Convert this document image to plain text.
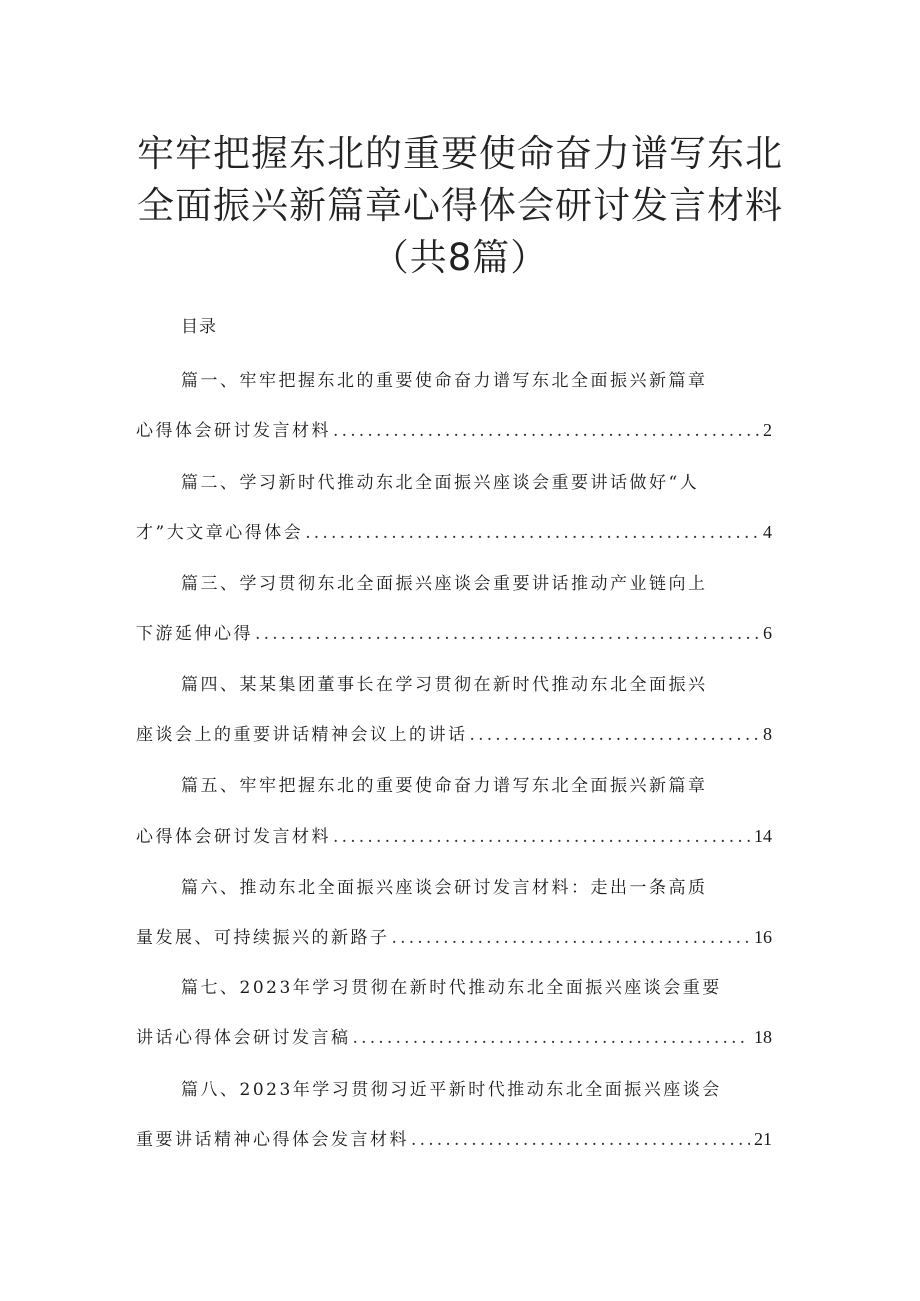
牢牢把握东北的重要使命奋力谱写东北全面振兴新篇章心得体会研讨发言材料（共8篇）
目录
篇一、牢牢把握东北的重要使命奋力谱写东北全面振兴新篇章
心得体会研讨发言材料 .....	2
篇二、学习新时代推动东北全面振兴座谈会重要讲话做好“人
才”大文章心得体会 .....	4
篇三、学习贯彻东北全面振兴座谈会重要讲话推动产业链向上
下游延伸心得 .....	6
篇四、某某集团董事长在学习贯彻在新时代推动东北全面振兴
座谈会上的重要讲话精神会议上的讲话 .....	8
篇五、牢牢把握东北的重要使命奋力谱写东北全面振兴新篇章
心得体会研讨发言材料 .....	14
篇六、推动东北全面振兴座谈会研讨发言材料：走出一条高质
量发展、可持续振兴的新路子 .....	16
篇七、2023年学习贯彻在新时代推动东北全面振兴座谈会重要
讲话心得体会研讨发言稿 .....	18
篇八、2023年学习贯彻习近平新时代推动东北全面振兴座谈会
重要讲话精神心得体会发言材料 .....	21
